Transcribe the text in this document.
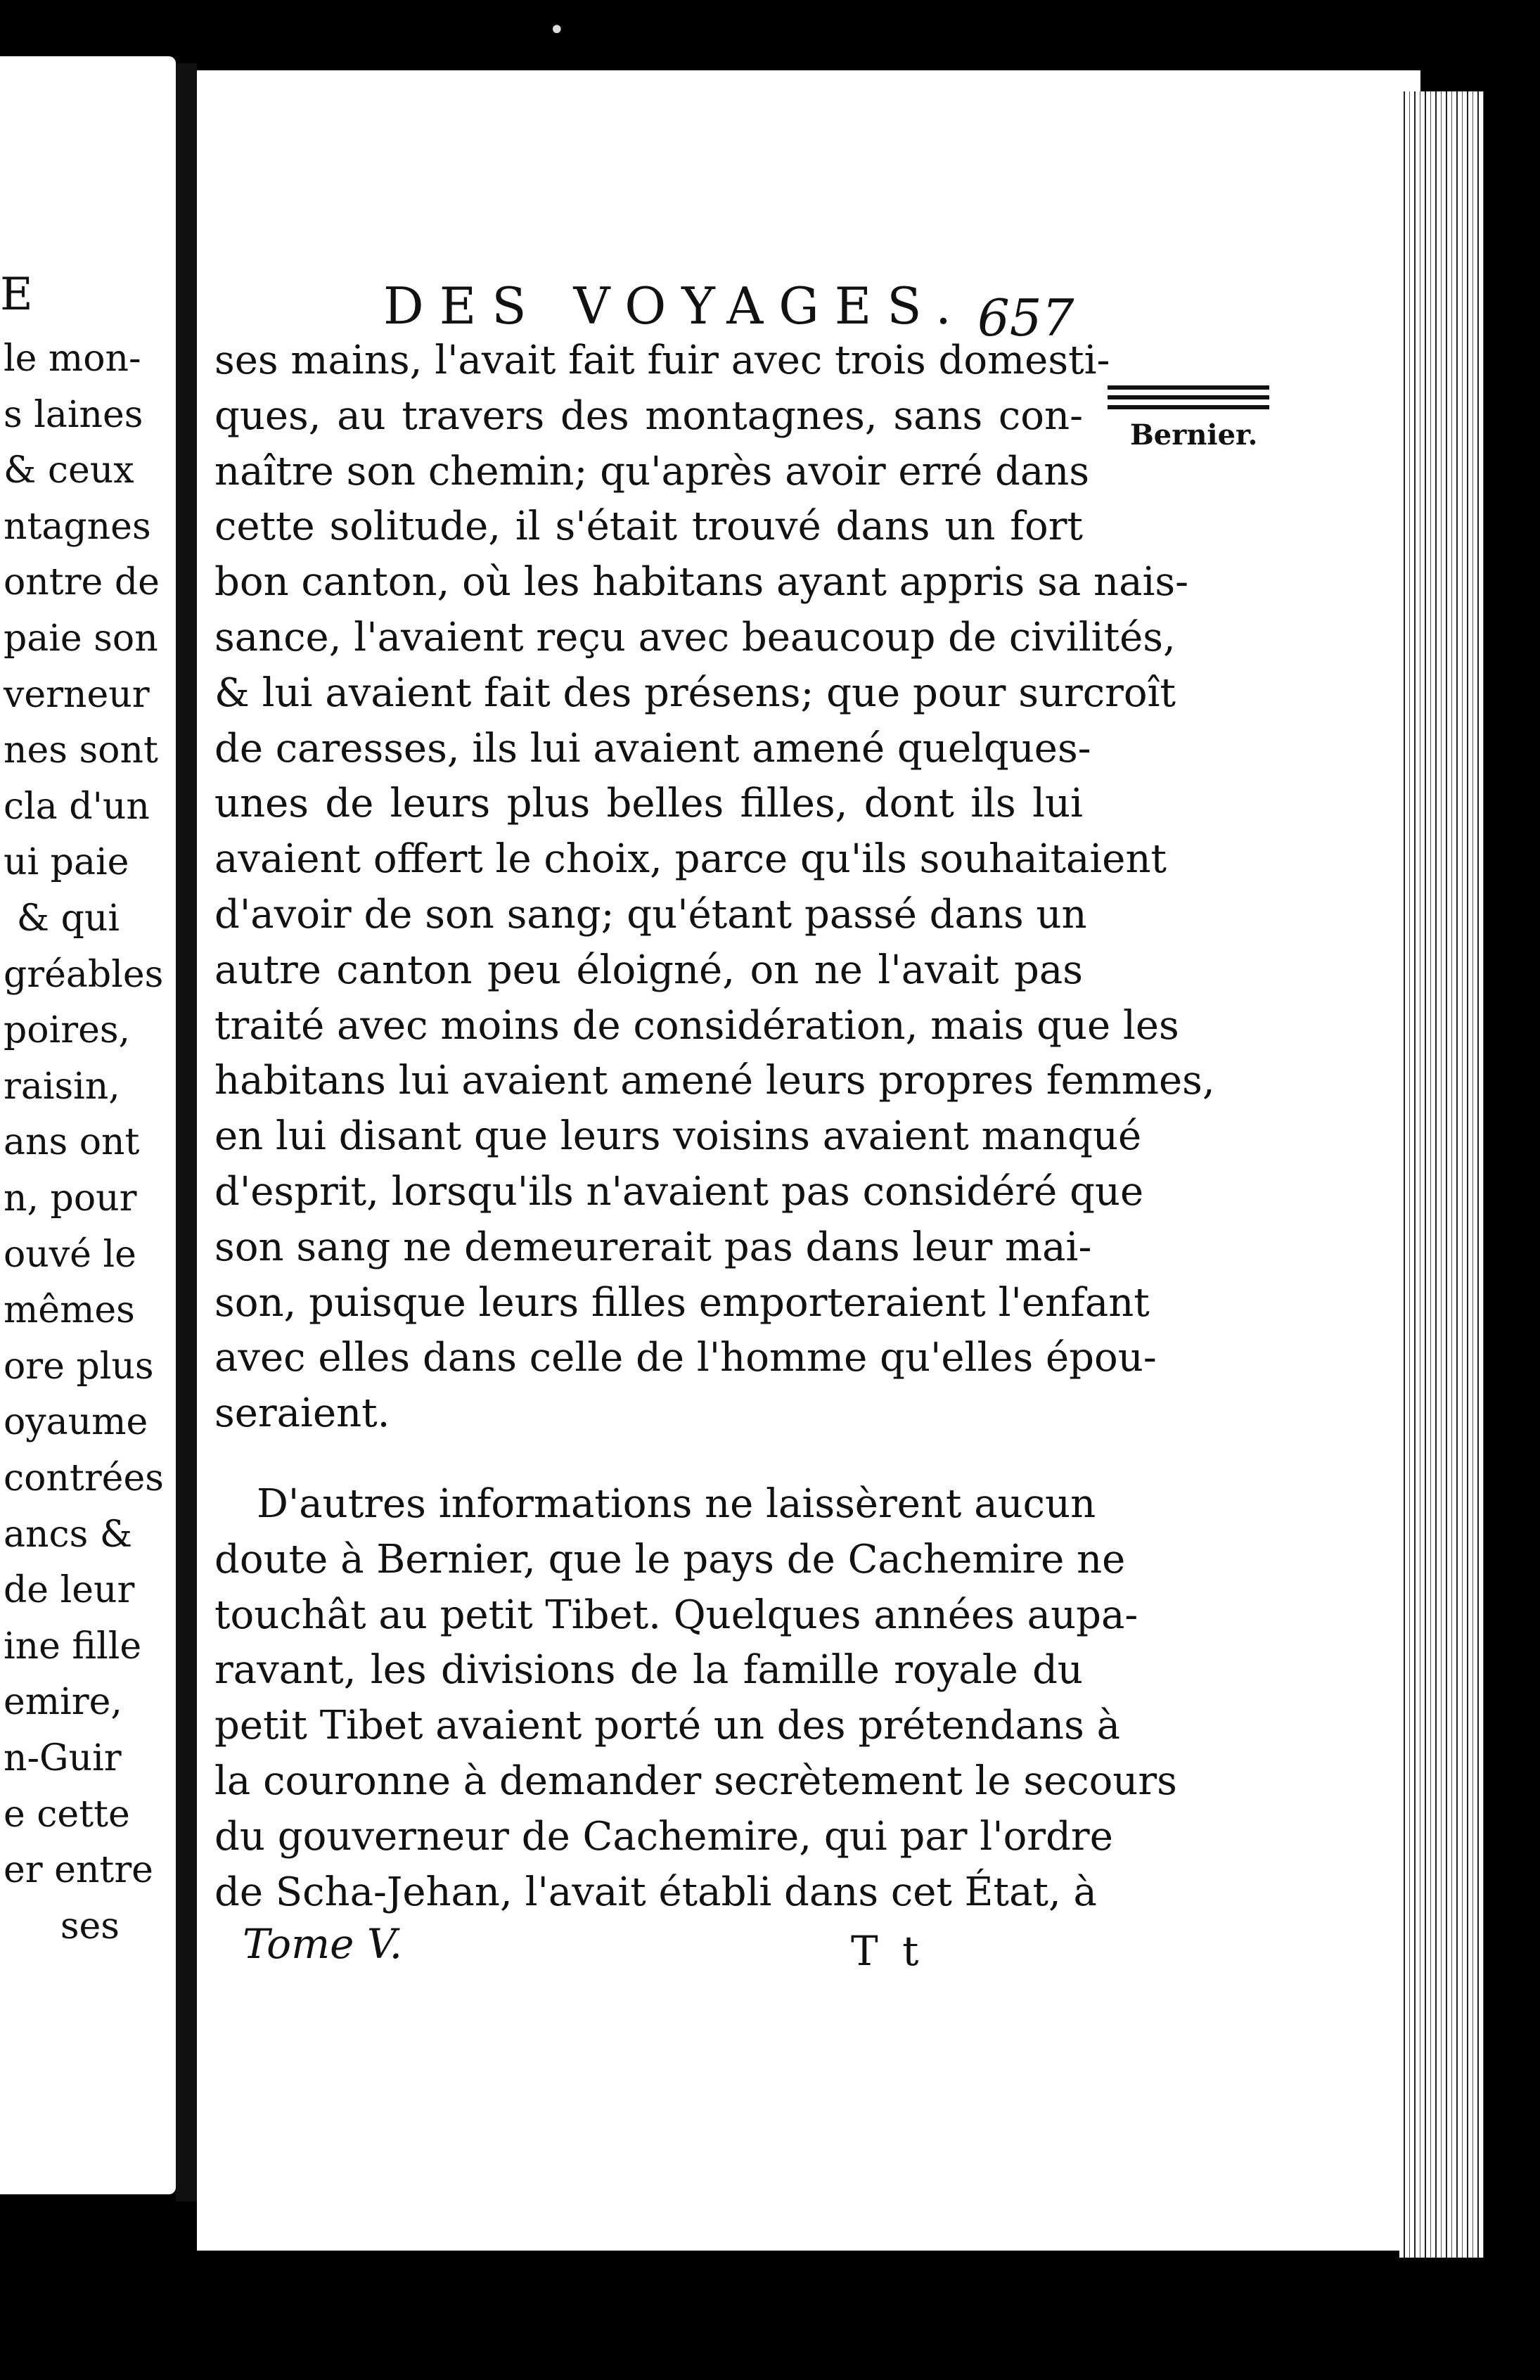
•
E

le mon-

s laines

& ceux

ntagnes

ontre de

paie son

verneur

nes sont

cla d'un

ui paie

& qui

gréables

poires,

raisin,

ans ont

n, pour

ouvé le

mêmes

ore plus

oyaume

contrées

ancs &

de leur

ine fille

emire,

n-Guir

e cette

er entre

ses

DES VOYAGES. 657
Bernier.

ses mains, l'avait fait fuir avec trois domesti-

ques, au travers des montagnes, sans con-

naître son chemin; qu'après avoir erré dans

cette solitude, il s'était trouvé dans un fort

bon canton, où les habitans ayant appris sa nais-

sance, l'avaient reçu avec beaucoup de civilités,

& lui avaient fait des présens; que pour surcroît

de caresses, ils lui avaient amené quelques-

unes de leurs plus belles filles, dont ils lui

avaient offert le choix, parce qu'ils souhaitaient

d'avoir de son sang; qu'étant passé dans un

autre canton peu éloigné, on ne l'avait pas

traité avec moins de considération, mais que les

habitans lui avaient amené leurs propres femmes,

en lui disant que leurs voisins avaient manqué

d'esprit, lorsqu'ils n'avaient pas considéré que

son sang ne demeurerait pas dans leur mai-

son, puisque leurs filles emporteraient l'enfant

avec elles dans celle de l'homme qu'elles épou-

seraient.

D'autres informations ne laissèrent aucun

doute à Bernier, que le pays de Cachemire ne

touchât au petit Tibet. Quelques années aupa-

ravant, les divisions de la famille royale du

petit Tibet avaient porté un des prétendans à

la couronne à demander secrètement le secours

du gouverneur de Cachemire, qui par l'ordre

de Scha-Jehan, l'avait établi dans cet État, à

Tome V.	T t
